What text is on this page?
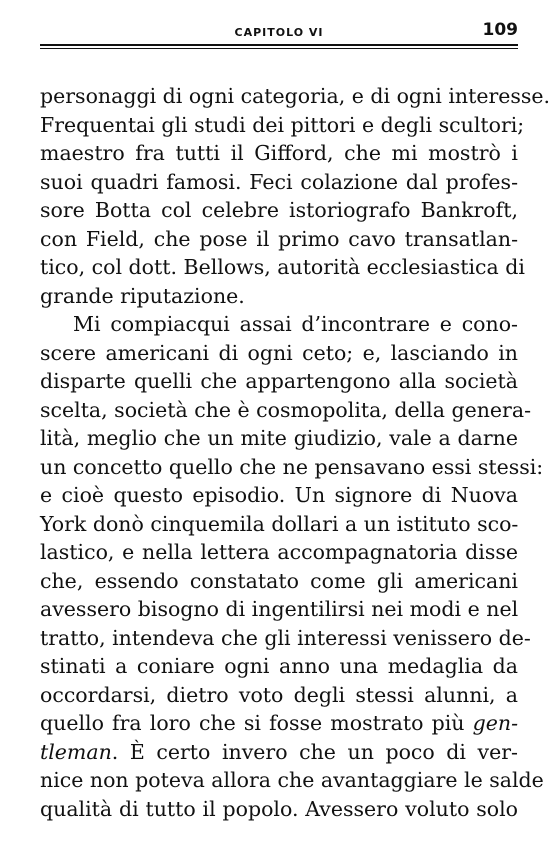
CAPITOLO VI	109
personaggi di ogni categoria, e di ogni interesse.
Frequentai gli studi dei pittori e degli scultori;
maestro fra tutti il Gifford, che mi mostrò i
suoi quadri famosi. Feci colazione dal profes-
sore Botta col celebre istoriografo Bankroft,
con Field, che pose il primo cavo transatlan-
tico, col dott. Bellows, autorità ecclesiastica di
grande riputazione.
Mi compiacqui assai d’incontrare e cono-
scere americani di ogni ceto; e, lasciando in
disparte quelli che appartengono alla società
scelta, società che è cosmopolita, della genera-
lità, meglio che un mite giudizio, vale a darne
un concetto quello che ne pensavano essi stessi:
e cioè questo episodio. Un signore di Nuova
York donò cinquemila dollari a un istituto sco-
lastico, e nella lettera accompagnatoria disse
che, essendo constatato come gli americani
avessero bisogno di ingentilirsi nei modi e nel
tratto, intendeva che gli interessi venissero de-
stinati a coniare ogni anno una medaglia da
occordarsi, dietro voto degli stessi alunni, a
quello fra loro che si fosse mostrato più gen-
tleman. È certo invero che un poco di ver-
nice non poteva allora che avantaggiare le salde
qualità di tutto il popolo. Avessero voluto solo
